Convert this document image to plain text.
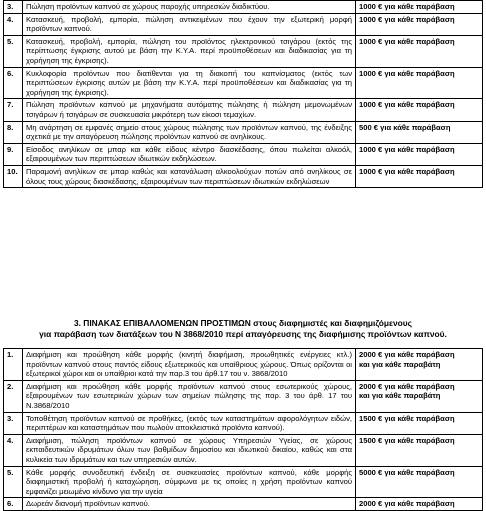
3.	Πώληση προϊόντων καπνού σε χώρους παροχής υπηρεσιών διαδικτύου.	1000 € για κάθε παράβαση
4.	Κατασκευή, προβολή, εμπορία, πώληση αντικειμένων που έχουν την εξωτερική μορφή προϊόντων καπνού.	1000 € για κάθε παράβαση
5.	Κατασκευή, προβολή, εμπορία, πώληση του προϊόντος ηλεκτρονικού τσιγάρου (εκτός της περίπτωσης έγκρισης αυτού με βάση την Κ.Υ.Α. περί προϋποθέσεων και διαδικασίας για τη χορήγηση της έγκρισης).	1000 € για κάθε παράβαση
6.	Κυκλοφορία προϊόντων που διατίθενται για τη διακοπή του καπνίσματος (εκτός των περιπτώσεων έγκρισης αυτών με βάση την Κ.Υ.Α. περί προϋποθέσεων και διαδικασίας για τη χορήγηση της έγκρισης).	1000 € για κάθε παράβαση
7.	Πώληση προϊόντων καπνού με μηχανήματα αυτόματης πώλησης ή πώληση μεμονωμένων τσιγάρων ή τσιγάρων σε συσκευασία μικρότερη των είκοσι τεμαχίων.	1000 € για κάθε παράβαση
8.	Μη ανάρτηση σε εμφανές σημείο στους χώρους πώλησης των προϊόντων καπνού, της ένδειξης σχετικά με την απαγόρευση πώλησης προϊόντων καπνού σε ανηλίκους.	500 € για κάθε παράβαση
9.	Είσοδος ανηλίκων σε μπαρ και κάθε είδους κέντρο διασκέδασης, όπου πωλείται αλκοόλ, εξαιρουμένων των περιπτώσεων ιδιωτικών εκδηλώσεων.	1000 € για κάθε παράβαση
10.	Παραμονή ανηλίκων σε μπαρ καθώς και κατανάλωση αλκοολούχων ποτών από ανηλίκους σε όλους τους χώρους διασκέδασης, εξαιρουμένων των περιπτώσεων ιδιωτικών εκδηλώσεων	1000 € για κάθε παράβαση
3. ΠΙΝΑΚΑΣ ΕΠΙΒΑΛΛΟΜΕΝΩΝ ΠΡΟΣΤΙΜΩΝ στους διαφημιστές και διαφημιζόμενους
για παράβαση των διατάξεων του Ν 3868/2010 περί απαγόρευσης της διαφήμισης προϊόντων καπνού.
1.	Διαφήμιση και προώθηση κάθε μορφής (κινητή διαφήμιση, προωθητικές ενέργειες κτλ.) προϊόντων καπνού στους παντός είδους εξωτερικούς και υπαίθριους χώρους. Όπως ορίζονται οι εξωτερικοί χώροι και οι υπαίθριοι κατά την παρ.3 του άρθ.17 του ν. 3868/2010	2000 € για κάθε παράβαση
και για κάθε παραβάτη
2.	Διαφήμιση και προώθηση κάθε μορφής προϊόντων καπνού στους εσωτερικούς χώρους, εξαιρουμένων των εσωτερικών χώρων των σημείων πώλησης της παρ. 3 του άρθ. 17 του Ν.3868/2010	2000 € για κάθε παράβαση
και για κάθε παραβάτη
3.	Τοποθέτηση προϊόντων καπνού σε προθήκες, (εκτός των καταστημάτων αφορολόγητων ειδών, περιπτέρων και καταστημάτων που πωλούν αποκλειστικά προϊόντα καπνού).	1500 € για κάθε παράβαση
4.	Διαφήμιση, πώληση προϊόντων καπνού σε χώρους Υπηρεσιών Υγείας, σε χώρους εκπαιδευτικών ιδρυμάτων όλων των βαθμίδων δημοσίου και ιδιωτικού δικαίου, καθώς και στα κυλικεία των ιδρυμάτων και των υπηρεσιών αυτών.	1500 € για κάθε παράβαση
5.	Κάθε μορφής συνοδευτική ένδειξη σε συσκευασίες προϊόντων καπνού, κάθε μορφής διαφημιστική προβολή ή καταχώρηση, σύμφωνα με τις οποίες η χρήση προϊόντων καπνού εμφανίζει μειωμένο κίνδυνο για την υγεία	5000 € για κάθε παράβαση
6.	Δωρεάν διανομή προϊόντων καπνού.	2000 € για κάθε παράβαση
